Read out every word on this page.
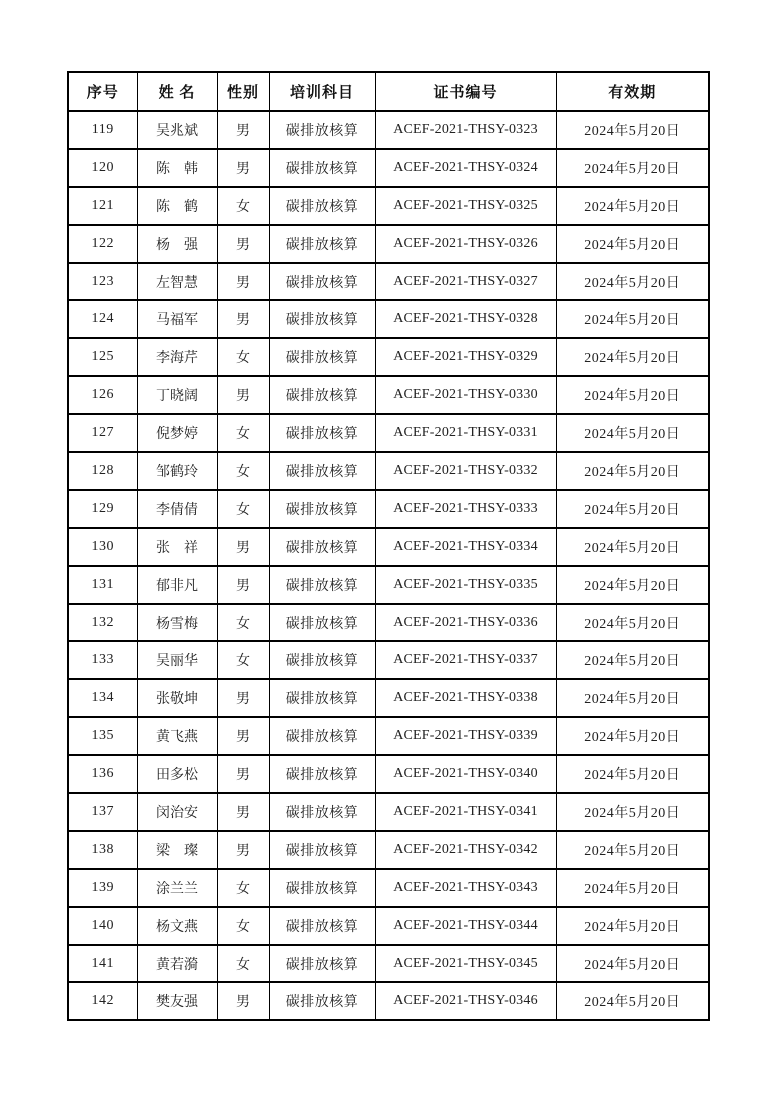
序号	姓 名	性别	培训科目	证书编号	有效期
119	吴兆斌	男	碳排放核算	ACEF-2021-THSY-0323	2024年5月20日
120	陈　韩	男	碳排放核算	ACEF-2021-THSY-0324	2024年5月20日
121	陈　鹤	女	碳排放核算	ACEF-2021-THSY-0325	2024年5月20日
122	杨　强	男	碳排放核算	ACEF-2021-THSY-0326	2024年5月20日
123	左智慧	男	碳排放核算	ACEF-2021-THSY-0327	2024年5月20日
124	马福军	男	碳排放核算	ACEF-2021-THSY-0328	2024年5月20日
125	李海芹	女	碳排放核算	ACEF-2021-THSY-0329	2024年5月20日
126	丁晓阔	男	碳排放核算	ACEF-2021-THSY-0330	2024年5月20日
127	倪梦婷	女	碳排放核算	ACEF-2021-THSY-0331	2024年5月20日
128	邹鹤玲	女	碳排放核算	ACEF-2021-THSY-0332	2024年5月20日
129	李倩倩	女	碳排放核算	ACEF-2021-THSY-0333	2024年5月20日
130	张　祥	男	碳排放核算	ACEF-2021-THSY-0334	2024年5月20日
131	郁非凡	男	碳排放核算	ACEF-2021-THSY-0335	2024年5月20日
132	杨雪梅	女	碳排放核算	ACEF-2021-THSY-0336	2024年5月20日
133	吴丽华	女	碳排放核算	ACEF-2021-THSY-0337	2024年5月20日
134	张敬坤	男	碳排放核算	ACEF-2021-THSY-0338	2024年5月20日
135	黄飞燕	男	碳排放核算	ACEF-2021-THSY-0339	2024年5月20日
136	田多松	男	碳排放核算	ACEF-2021-THSY-0340	2024年5月20日
137	闵治安	男	碳排放核算	ACEF-2021-THSY-0341	2024年5月20日
138	梁　璨	男	碳排放核算	ACEF-2021-THSY-0342	2024年5月20日
139	涂兰兰	女	碳排放核算	ACEF-2021-THSY-0343	2024年5月20日
140	杨文燕	女	碳排放核算	ACEF-2021-THSY-0344	2024年5月20日
141	黄若漪	女	碳排放核算	ACEF-2021-THSY-0345	2024年5月20日
142	樊友强	男	碳排放核算	ACEF-2021-THSY-0346	2024年5月20日
